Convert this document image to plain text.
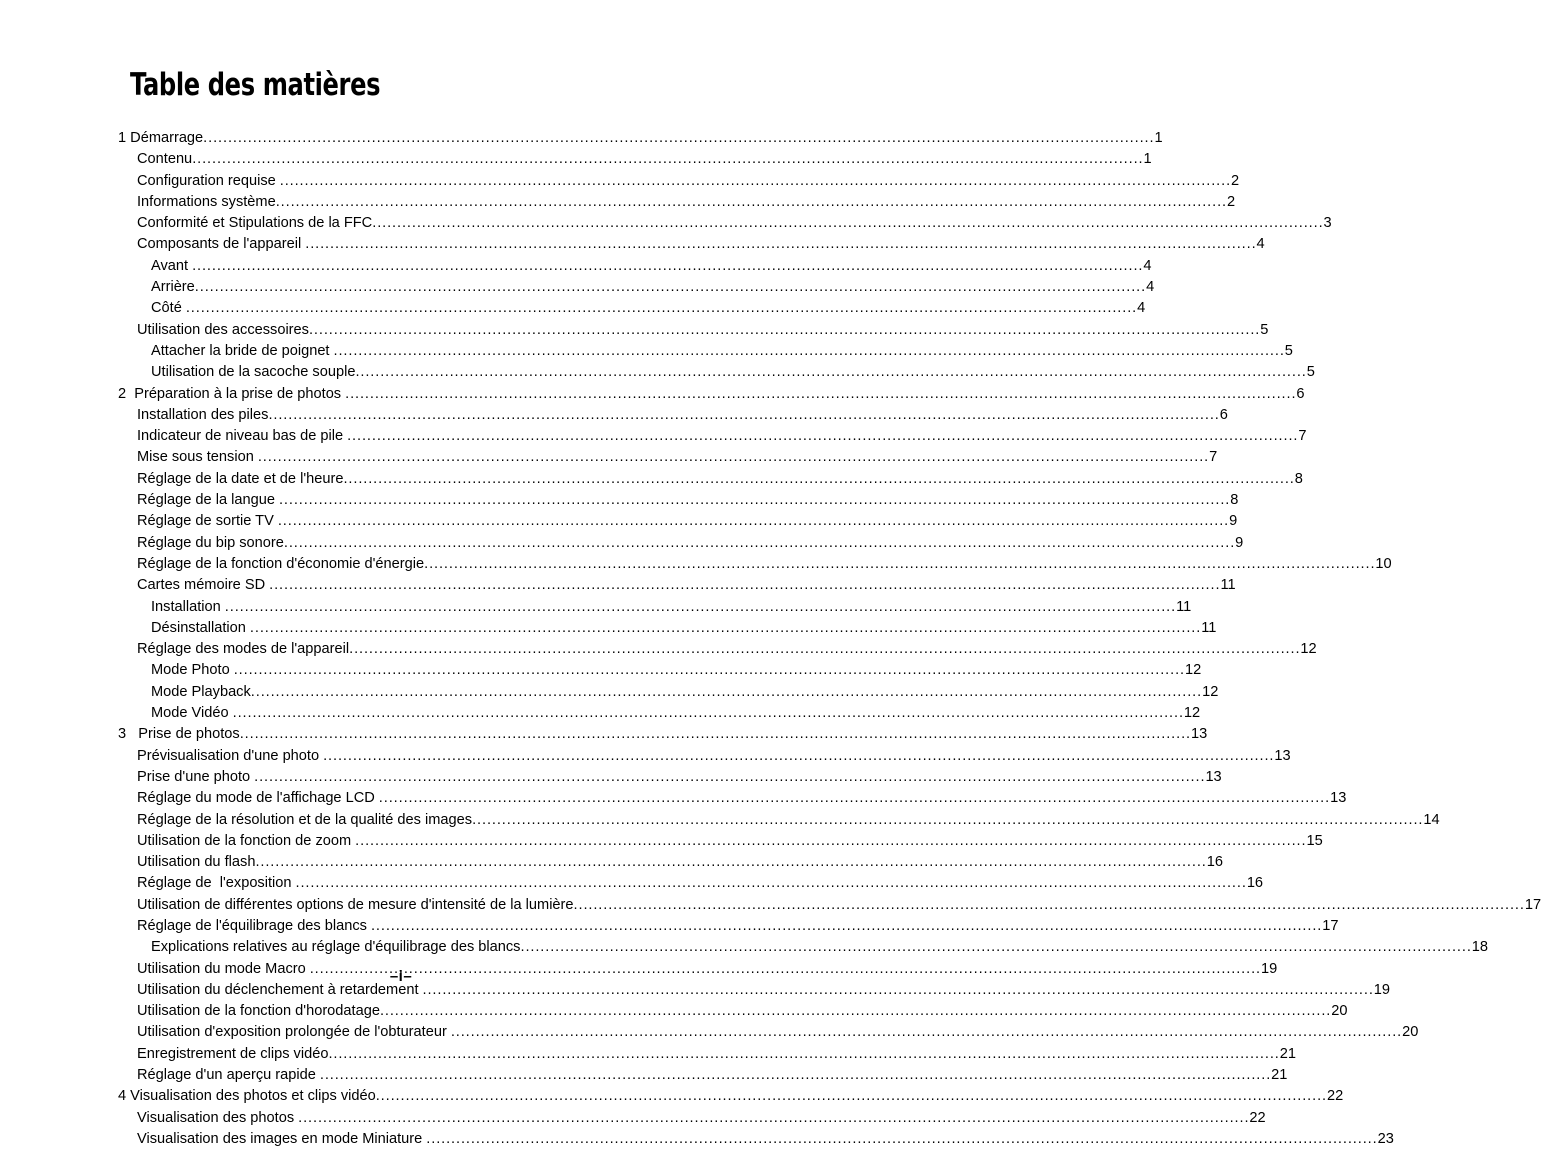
Table des matières
1 Démarrage .....	1
Contenu .....	1
Configuration requise .....	2
Informations système .....	2
Conformité et Stipulations de la FFC .....	3
Composants de l'appareil .....	4
Avant .....	4
Arrière .....	4
Côté .....	4
Utilisation des accessoires .....	5
Attacher la bride de poignet .....	5
Utilisation de la sacoche souple .....	5
2  Préparation à la prise de photos .....	6
Installation des piles .....	6
Indicateur de niveau bas de pile .....	7
Mise sous tension .....	7
Réglage de la date et de l'heure .....	8
Réglage de la langue .....	8
Réglage de sortie TV .....	9
Réglage du bip sonore .....	9
Réglage de la fonction d'économie d'énergie .....	10
Cartes mémoire SD .....	11
Installation .....	11
Désinstallation .....	11
Réglage des modes de l'appareil .....	12
Mode Photo .....	12
Mode Playback .....	12
Mode Vidéo .....	12
3   Prise de photos .....	13
Prévisualisation d'une photo .....	13
Prise d'une photo .....	13
Réglage du mode de l'affichage LCD .....	13
Réglage de la résolution et de la qualité des images .....	14
Utilisation de la fonction de zoom .....	15
Utilisation du flash .....	16
Réglage de  l'exposition .....	16
Utilisation de différentes options de mesure d'intensité de la lumière .....	17
Réglage de l'équilibrage des blancs .....	17
Explications relatives au réglage d'équilibrage des blancs .....	18
Utilisation du mode Macro .....	19
Utilisation du déclenchement à retardement .....	19
Utilisation de la fonction d'horodatage .....	20
Utilisation d'exposition prolongée de l'obturateur .....	20
Enregistrement de clips vidéo .....	21
Réglage d'un aperçu rapide .....	21
4 Visualisation des photos et clips vidéo .....	22
Visualisation des photos .....	22
Visualisation des images en mode Miniature .....	23
–i–
